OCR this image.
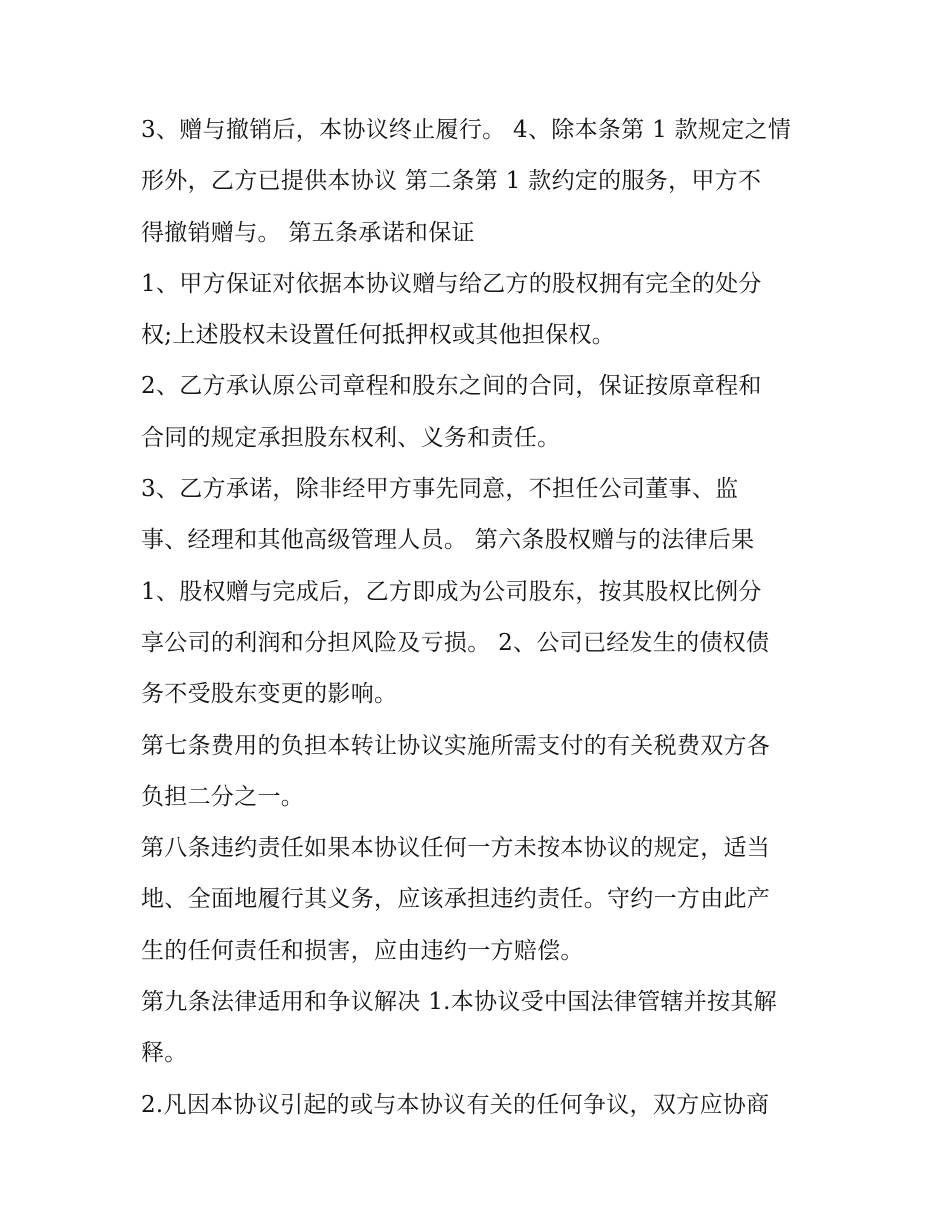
3、赠与撤销后，本协议终止履行。 4、除本条第 1 款规定之情
形外，乙方已提供本协议 第二条第 1 款约定的服务，甲方不
得撤销赠与。 第五条承诺和保证
1、甲方保证对依据本协议赠与给乙方的股权拥有完全的处分
权;上述股权未设置任何抵押权或其他担保权。
2、乙方承认原公司章程和股东之间的合同，保证按原章程和
合同的规定承担股东权利、义务和责任。
3、乙方承诺，除非经甲方事先同意，不担任公司董事、监
事、经理和其他高级管理人员。 第六条股权赠与的法律后果
1、股权赠与完成后，乙方即成为公司股东，按其股权比例分
享公司的利润和分担风险及亏损。 2、公司已经发生的债权债
务不受股东变更的影响。
第七条费用的负担本转让协议实施所需支付的有关税费双方各
负担二分之一。
第八条违约责任如果本协议任何一方未按本协议的规定，适当
地、全面地履行其义务，应该承担违约责任。守约一方由此产
生的任何责任和损害，应由违约一方赔偿。
第九条法律适用和争议解决 1.本协议受中国法律管辖并按其解
释。
2.凡因本协议引起的或与本协议有关的任何争议，双方应协商
